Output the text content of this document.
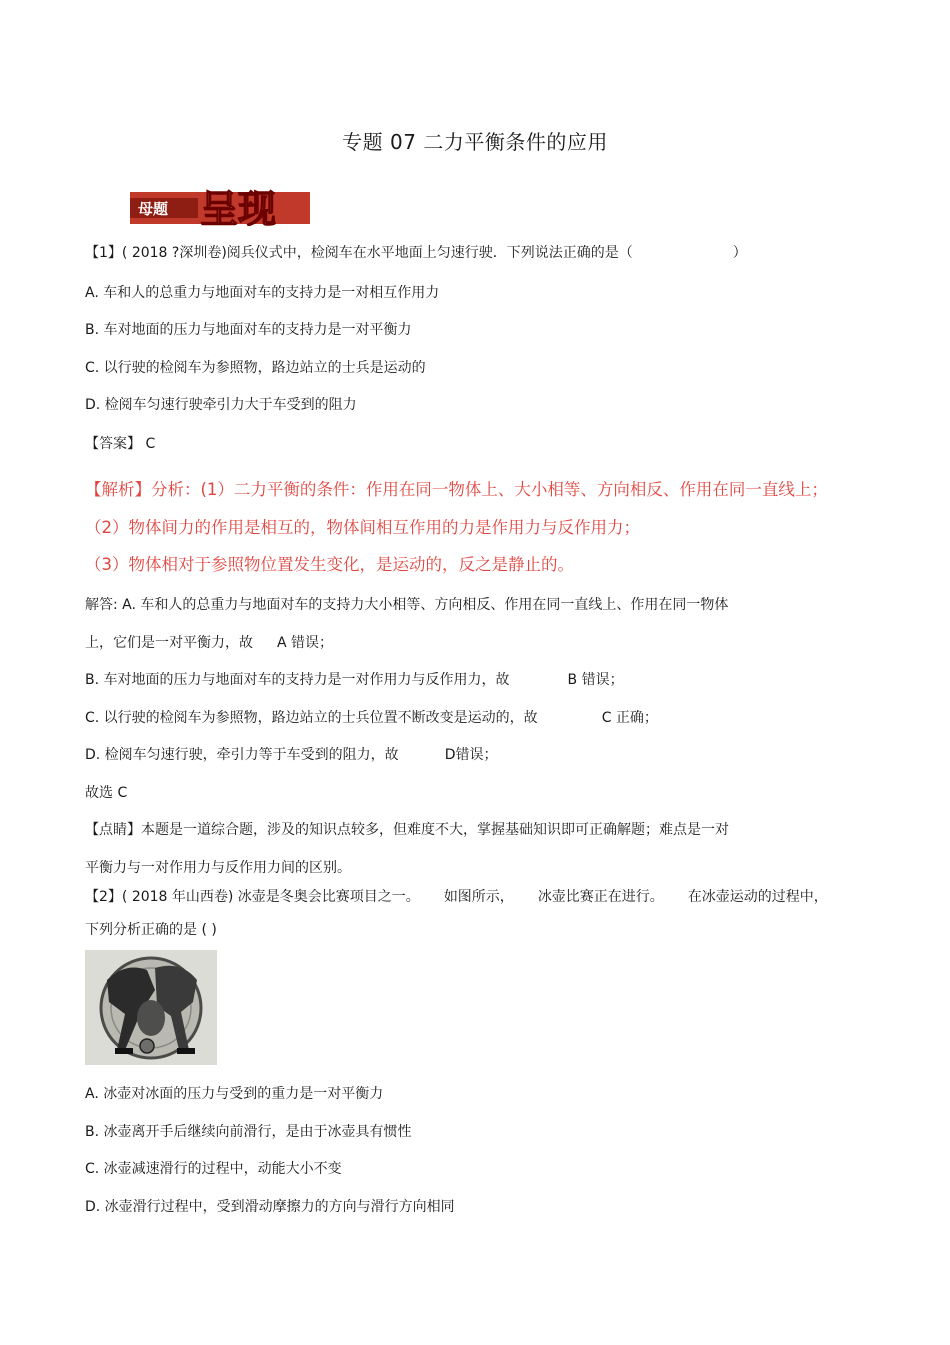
专题 07 二力平衡条件的应用
母题 呈现
【1】( 2018 ?深圳卷)阅兵仪式中，检阅车在水平地面上匀速行驶．下列说法正确的是（	）
A. 车和人的总重力与地面对车的支持力是一对相互作用力
B. 车对地面的压力与地面对车的支持力是一对平衡力
C. 以行驶的检阅车为参照物，路边站立的士兵是运动的
D. 检阅车匀速行驶牵引力大于车受到的阻力
【答案】 C
【解析】分析：(1）二力平衡的条件：作用在同一物体上、大小相等、方向相反、作用在同一直线上；
（2）物体间力的作用是相互的，物体间相互作用的力是作用力与反作用力；
（3）物体相对于参照物位置发生变化，是运动的，反之是静止的。
解答: A. 车和人的总重力与地面对车的支持力大小相等、方向相反、作用在同一直线上、作用在同一物体
上，它们是一对平衡力，故 A 错误；
B. 车对地面的压力与地面对车的支持力是一对作用力与反作用力，故	B 错误；
C. 以行驶的检阅车为参照物，路边站立的士兵位置不断改变是运动的，故	C 正确；
D. 检阅车匀速行驶，牵引力等于车受到的阻力，故	D错误；
故选 C
【点睛】本题是一道综合题，涉及的知识点较多，但难度不大，掌握基础知识即可正确解题；难点是一对
平衡力与一对作用力与反作用力间的区别。
【2】( 2018 年山西卷) 冰壶是冬奥会比赛项目之一。 如图所示， 冰壶比赛正在进行。 在冰壶运动的过程中，
下列分析正确的是 ( )
A. 冰壶对冰面的压力与受到的重力是一对平衡力
B. 冰壶离开手后继续向前滑行，是由于冰壶具有惯性
C. 冰壶减速滑行的过程中，动能大小不变
D. 冰壶滑行过程中，受到滑动摩擦力的方向与滑行方向相同
